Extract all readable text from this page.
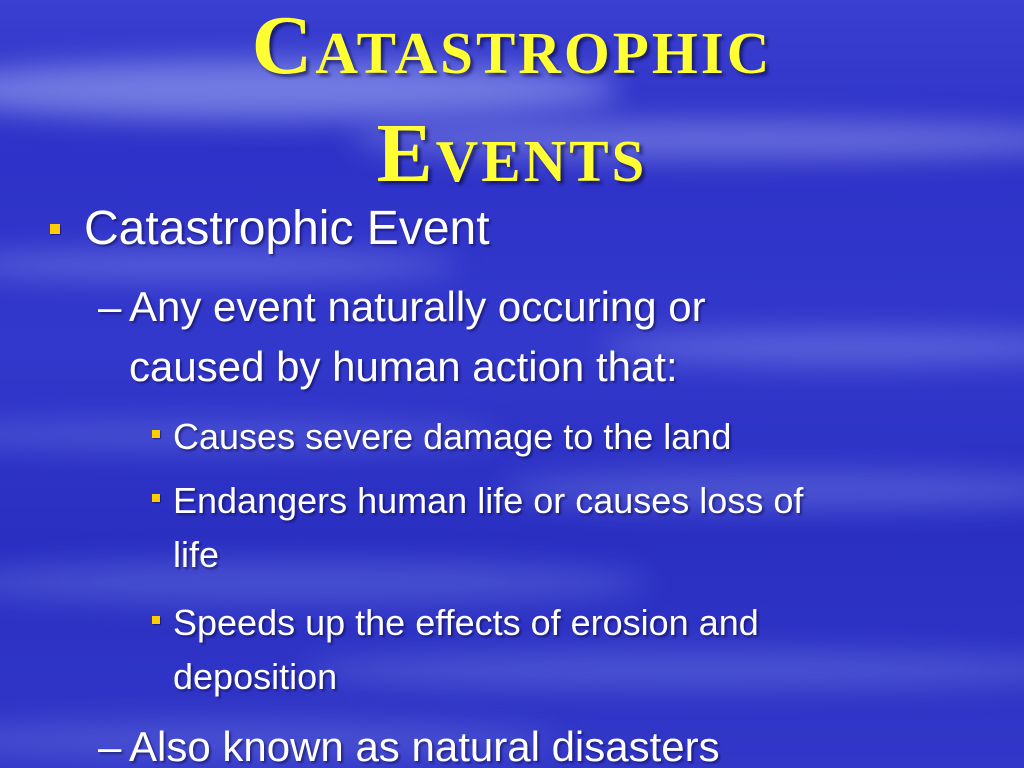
Catastrophic
Events
Catastrophic Event
– Any event naturally occuring or
caused by human action that:
Causes severe damage to the land
Endangers human life or causes loss of
life
Speeds up the effects of erosion and
deposition
– Also known as natural disasters
